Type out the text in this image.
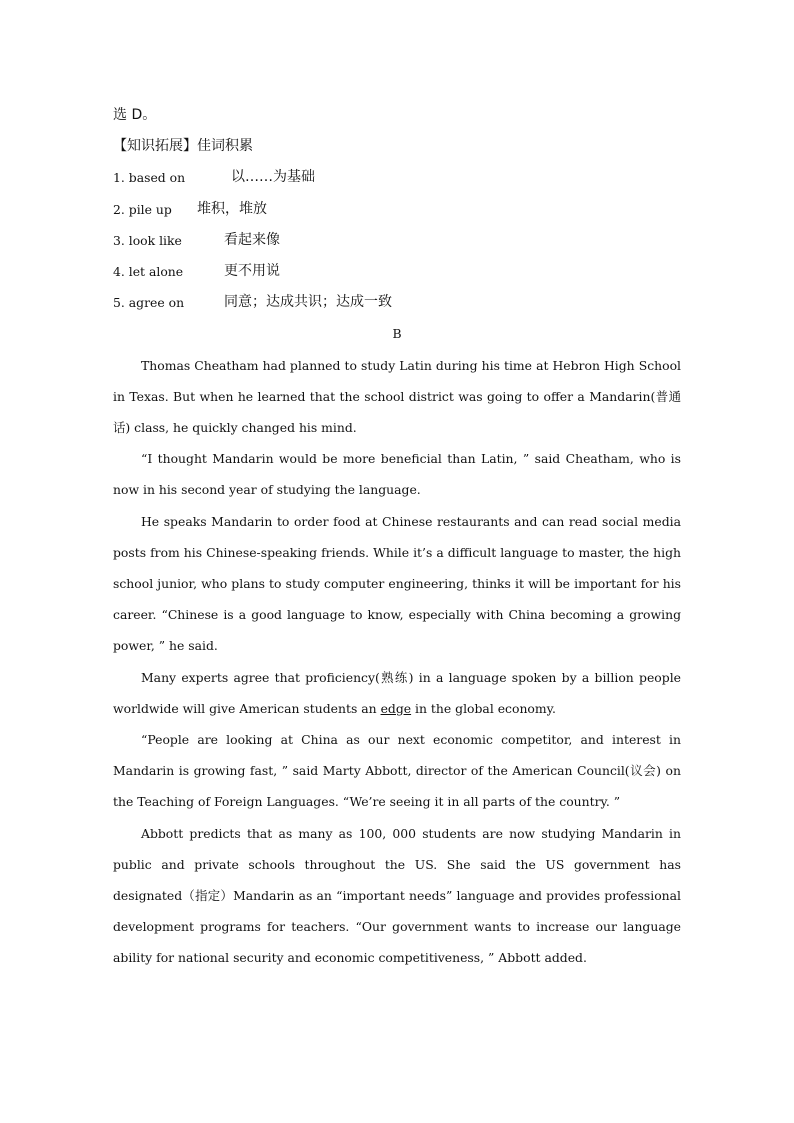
选 D。
【知识拓展】佳词积累
1. based on	以……为基础
2. pile up	堆积，堆放
3. look like	看起来像
4. let alone	更不用说
5. agree on	同意；达成共识；达成一致
B

Thomas Cheatham had planned to study Latin during his time at Hebron High School in Texas. But when he learned that the school district was going to offer a Mandarin(普通话) class, he quickly changed his mind.

“I thought Mandarin would be more beneficial than Latin, ” said Cheatham, who is now in his second year of studying the language.

He speaks Mandarin to order food at Chinese restaurants and can read social media posts from his Chinese-speaking friends. While it’s a difficult language to master, the high school junior, who plans to study computer engineering, thinks it will be important for his career. “Chinese is a good language to know, especially with China becoming a growing power, ” he said.

Many experts agree that proficiency(熟练) in a language spoken by a billion people worldwide will give American students an edge in the global economy.

“People are looking at China as our next economic competitor, and interest in Mandarin is growing fast, ” said Marty Abbott, director of the American Council(议会) on the Teaching of Foreign Languages. “We’re seeing it in all parts of the country. ”

Abbott predicts that as many as 100, 000 students are now studying Mandarin in public and private schools throughout the US. She said the US government has designated（指定）Mandarin as an “important needs” language and provides professional development programs for teachers. “Our government wants to increase our language ability for national security and economic competitiveness, ” Abbott added.
